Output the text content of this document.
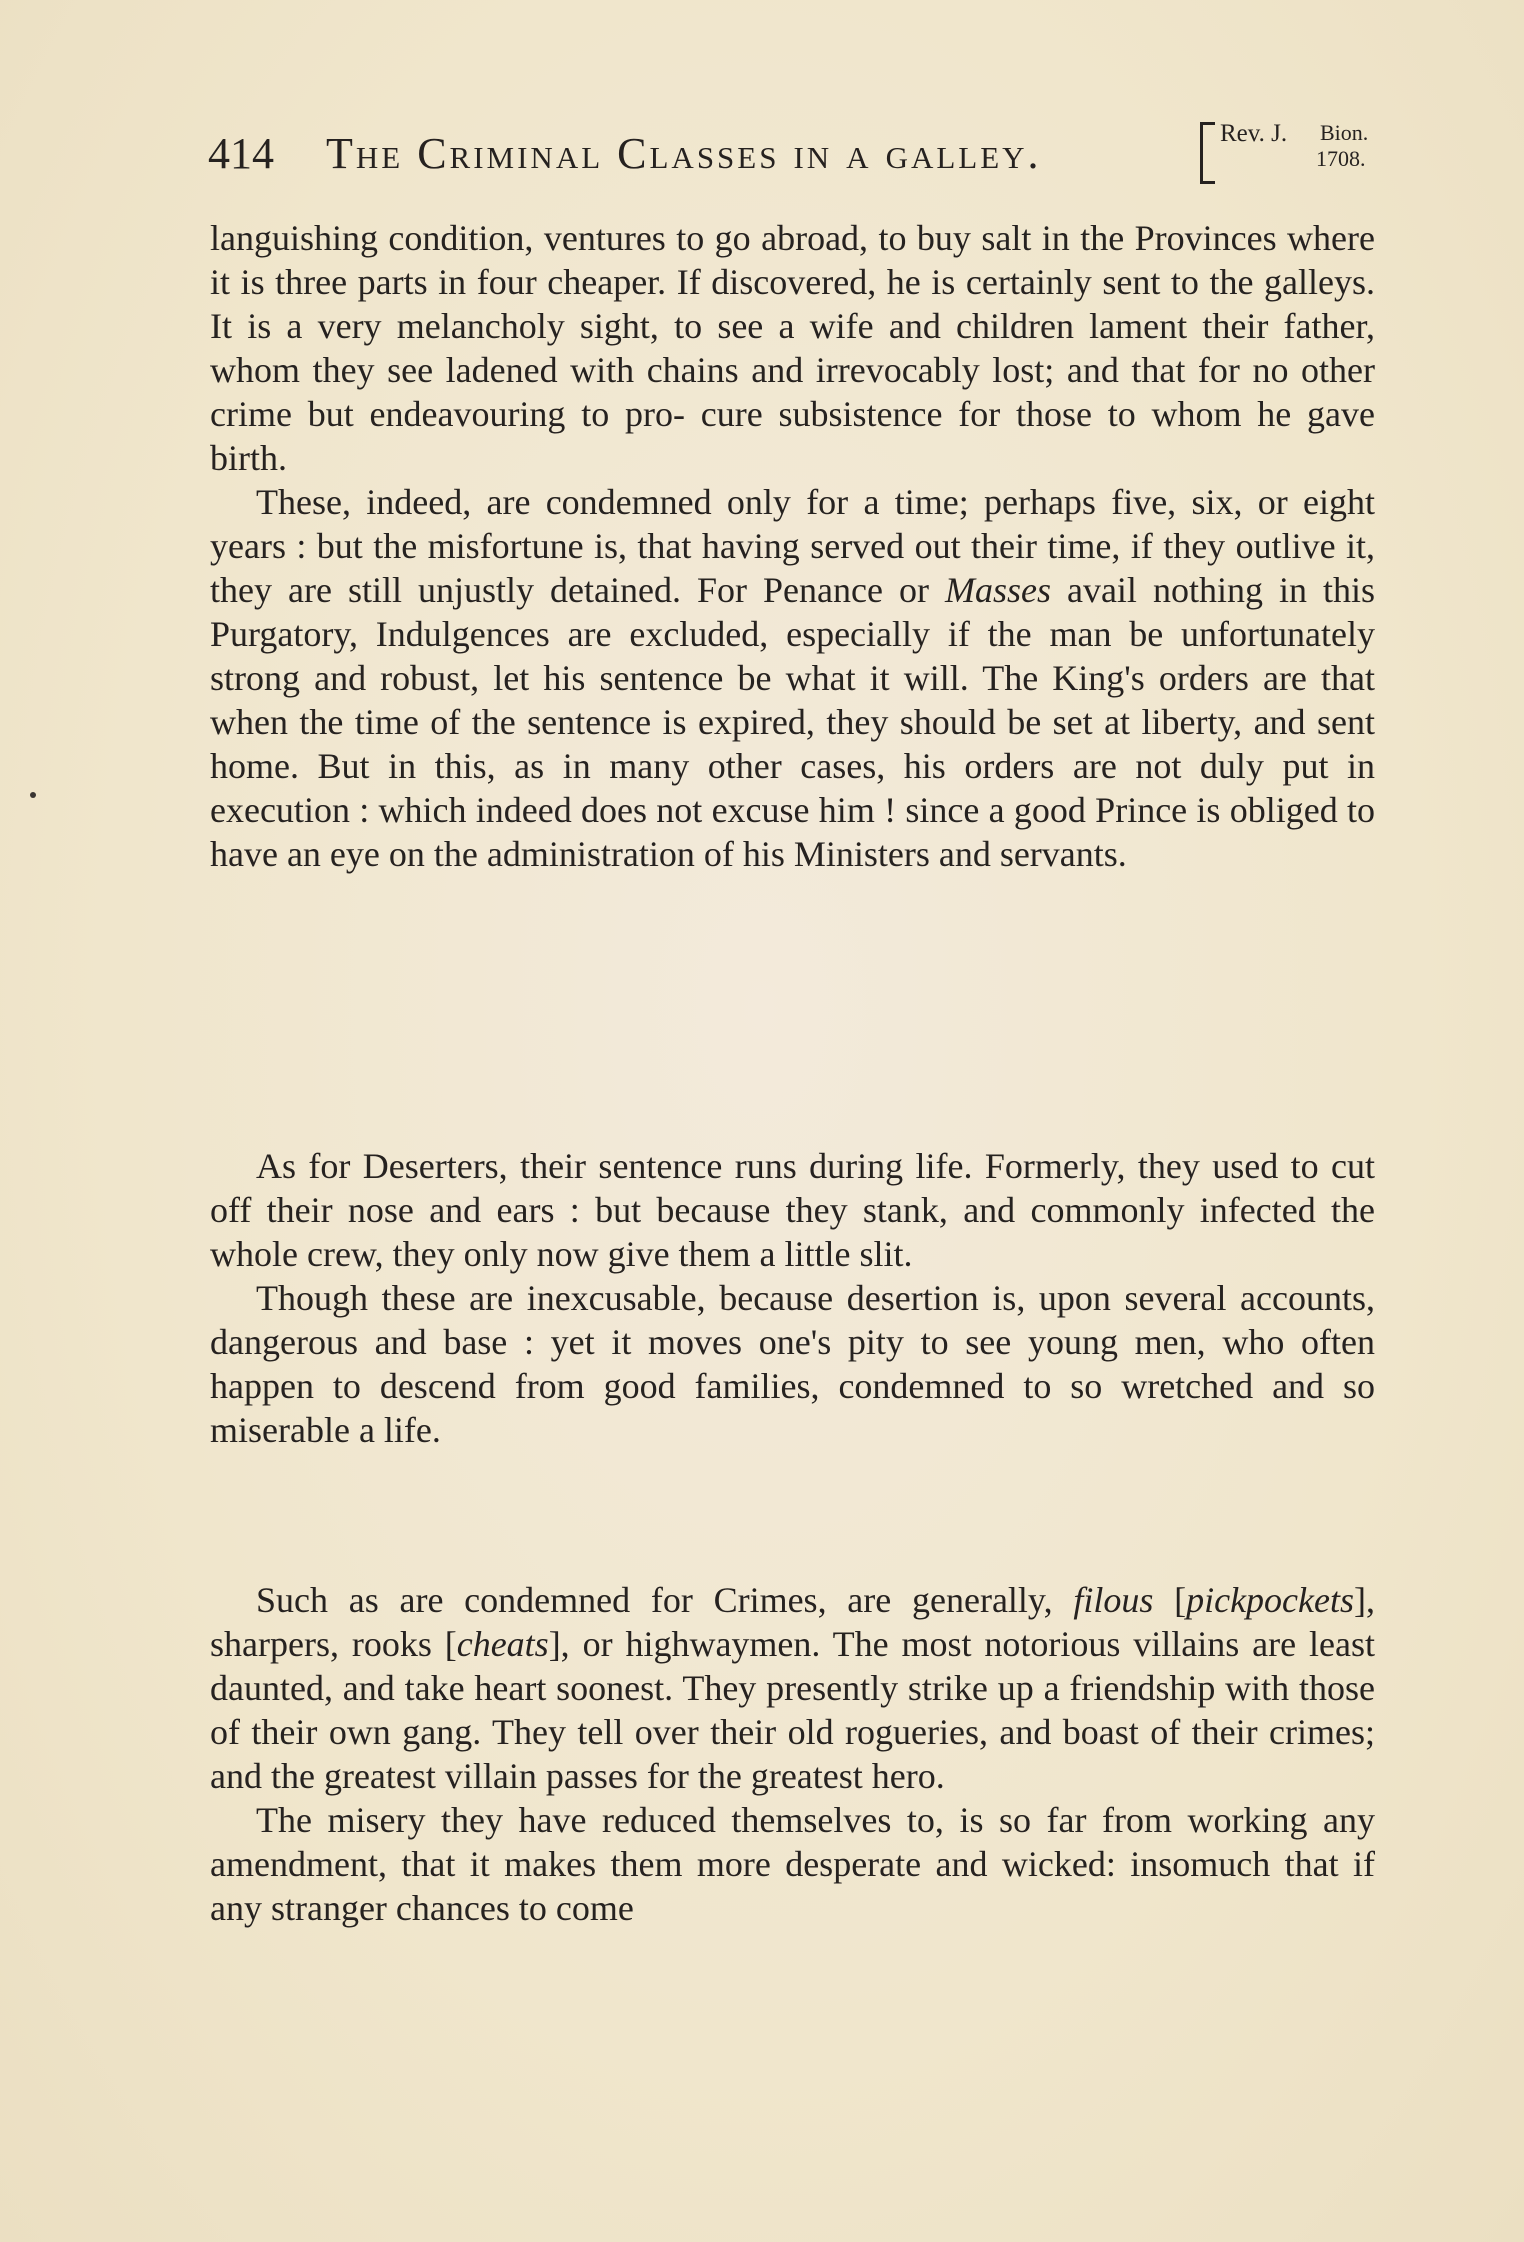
414 The Criminal Classes in a galley.	Rev. J. Bion.
1708.

languishing condition, ventures to go abroad, to buy salt in the Provinces where it is three parts in four cheaper. If discovered, he is certainly sent to the galleys. It is a very melancholy sight, to see a wife and children lament their father, whom they see ladened with chains and irrevocably lost; and that for no other crime but endeavouring to pro- cure subsistence for those to whom he gave birth.

These, indeed, are condemned only for a time; perhaps five, six, or eight years : but the misfortune is, that having served out their time, if they outlive it, they are still unjustly detained. For Penance or Masses avail nothing in this Purgatory, Indulgences are excluded, especially if the man be unfortunately strong and robust, let his sentence be what it will. The King's orders are that when the time of the sentence is expired, they should be set at liberty, and sent home. But in this, as in many other cases, his orders are not duly put in execution : which indeed does not excuse him ! since a good Prince is obliged to have an eye on the administration of his Ministers and servants.

As for Deserters, their sentence runs during life. Formerly, they used to cut off their nose and ears : but because they stank, and commonly infected the whole crew, they only now give them a little slit.

Though these are inexcusable, because desertion is, upon several accounts, dangerous and base : yet it moves one's pity to see young men, who often happen to descend from good families, condemned to so wretched and so miserable a life.

Such as are condemned for Crimes, are generally, filous [pickpockets], sharpers, rooks [cheats], or highwaymen. The most notorious villains are least daunted, and take heart soonest. They presently strike up a friendship with those of their own gang. They tell over their old rogueries, and boast of their crimes; and the greatest villain passes for the greatest hero.

The misery they have reduced themselves to, is so far from working any amendment, that it makes them more desperate and wicked: insomuch that if any stranger chances to come
